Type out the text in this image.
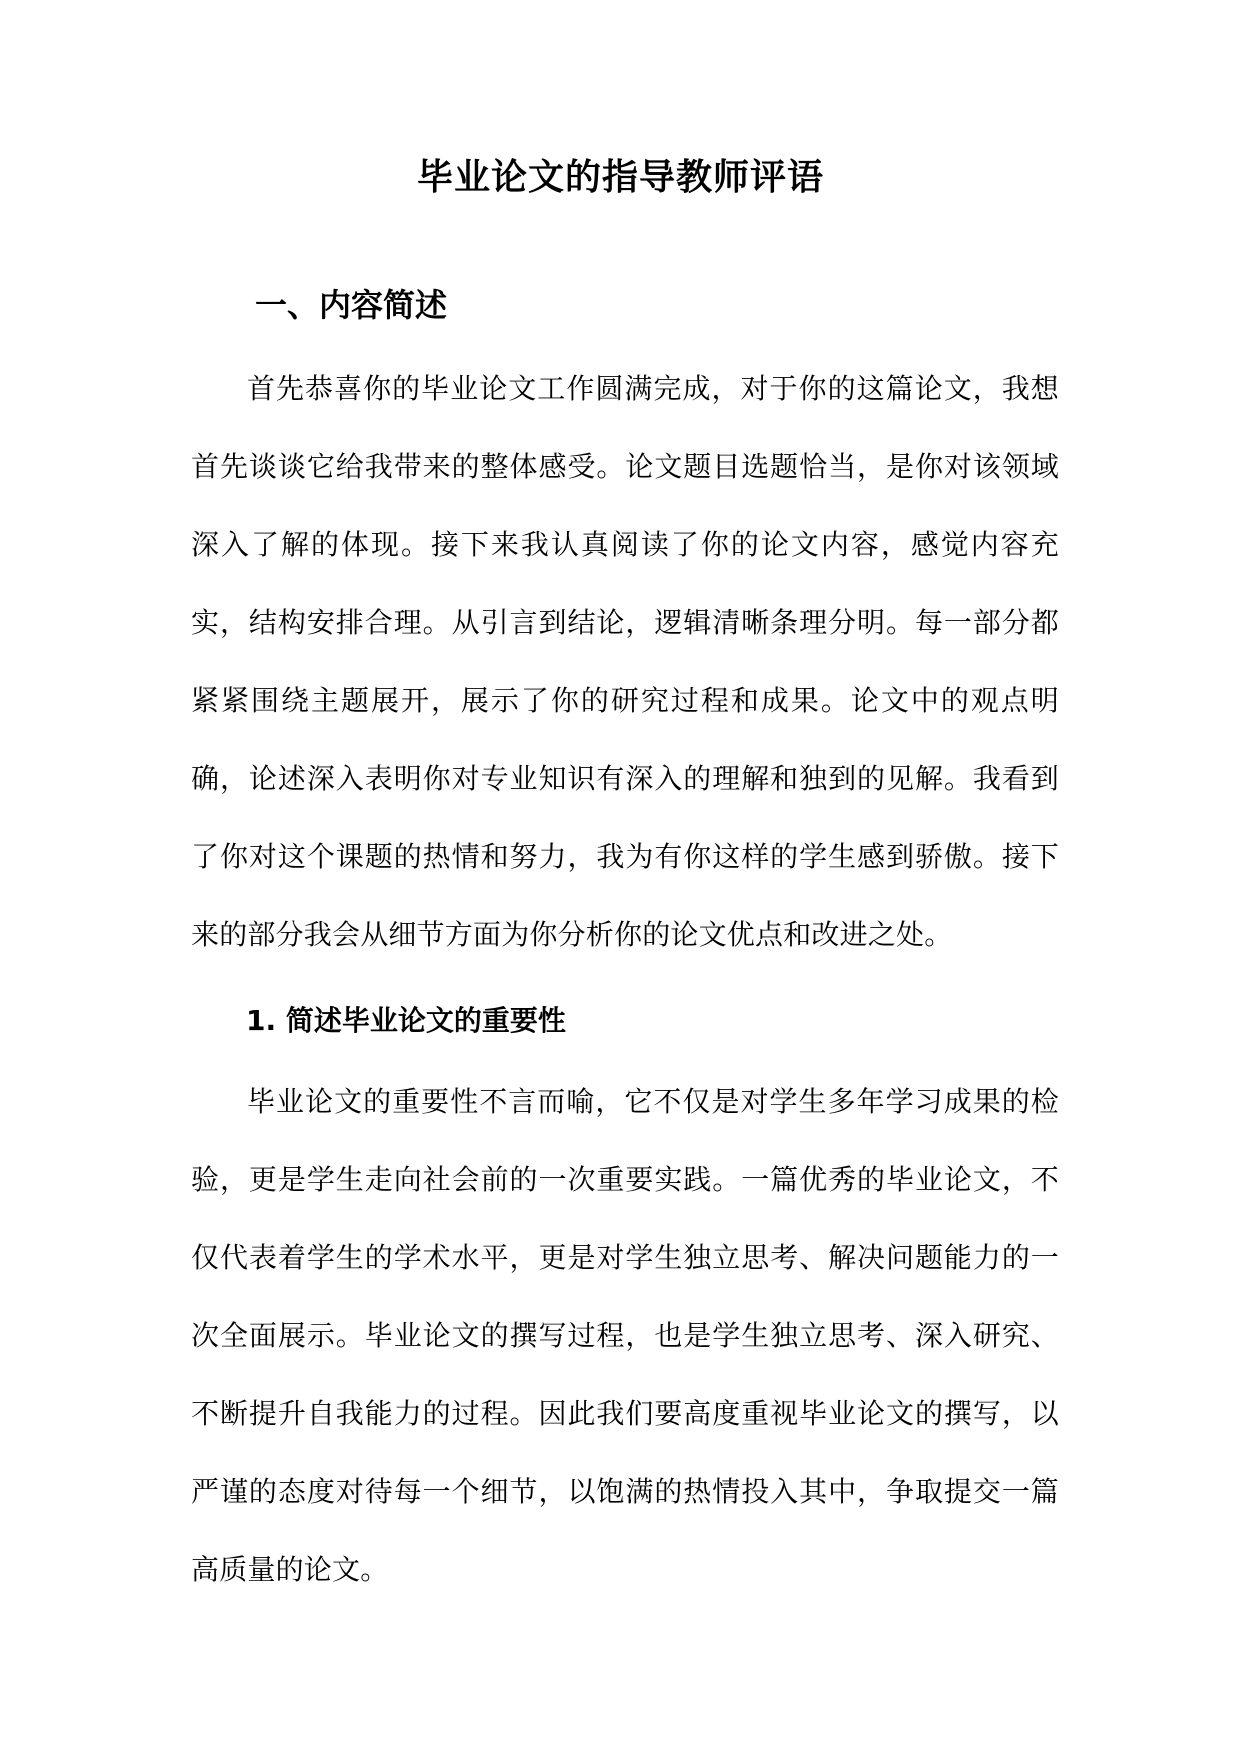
毕业论文的指导教师评语
一、内容简述

首先恭喜你的毕业论文工作圆满完成，对于你的这篇论文，我想首先谈谈它给我带来的整体感受。论文题目选题恰当，是你对该领域深入了解的体现。接下来我认真阅读了你的论文内容，感觉内容充实，结构安排合理。从引言到结论，逻辑清晰条理分明。每一部分都紧紧围绕主题展开，展示了你的研究过程和成果。论文中的观点明确，论述深入表明你对专业知识有深入的理解和独到的见解。我看到了你对这个课题的热情和努力，我为有你这样的学生感到骄傲。接下来的部分我会从细节方面为你分析你的论文优点和改进之处。

1. 简述毕业论文的重要性

毕业论文的重要性不言而喻，它不仅是对学生多年学习成果的检验，更是学生走向社会前的一次重要实践。一篇优秀的毕业论文，不仅代表着学生的学术水平，更是对学生独立思考、解决问题能力的一次全面展示。毕业论文的撰写过程，也是学生独立思考、深入研究、不断提升自我能力的过程。因此我们要高度重视毕业论文的撰写，以严谨的态度对待每一个细节，以饱满的热情投入其中，争取提交一篇高质量的论文。
